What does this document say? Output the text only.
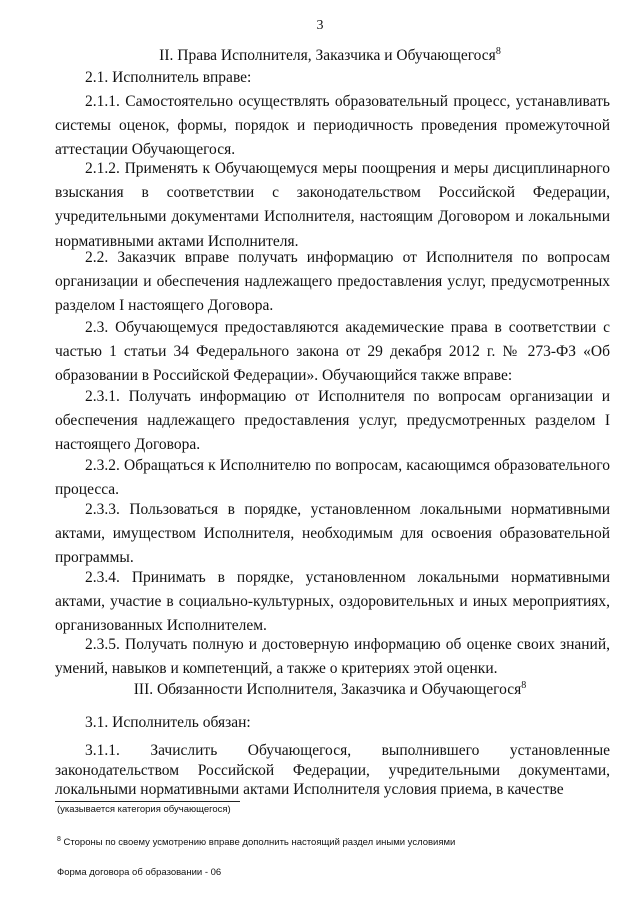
3
II. Права Исполнителя, Заказчика и Обучающегося$^8$
2.1. Исполнитель вправе:
2.1.1. Самостоятельно осуществлять образовательный процесс, устанавливать системы оценок, формы, порядок и периодичность проведения промежуточной аттестации Обучающегося.
2.1.2. Применять к Обучающемуся меры поощрения и меры дисциплинарного взыскания в соответствии с законодательством Российской Федерации, учредительными документами Исполнителя, настоящим Договором и локальными нормативными актами Исполнителя.
2.2. Заказчик вправе получать информацию от Исполнителя по вопросам организации и обеспечения надлежащего предоставления услуг, предусмотренных разделом I настоящего Договора.
2.3. Обучающемуся предоставляются академические права в соответствии с частью 1 статьи 34 Федерального закона от 29 декабря 2012 г. № 273-ФЗ «Об образовании в Российской Федерации». Обучающийся также вправе:
2.3.1. Получать информацию от Исполнителя по вопросам организации и обеспечения надлежащего предоставления услуг, предусмотренных разделом I настоящего Договора.
2.3.2. Обращаться к Исполнителю по вопросам, касающимся образовательного процесса.
2.3.3. Пользоваться в порядке, установленном локальными нормативными актами, имуществом Исполнителя, необходимым для освоения образовательной программы.
2.3.4. Принимать в порядке, установленном локальными нормативными актами, участие в социально-культурных, оздоровительных и иных мероприятиях, организованных Исполнителем.
2.3.5. Получать полную и достоверную информацию об оценке своих знаний, умений, навыков и компетенций, а также о критериях этой оценки.
III. Обязанности Исполнителя, Заказчика и Обучающегося$^8$
3.1. Исполнитель обязан:
3.1.1. Зачислить Обучающегося, выполнившего установленные законодательством Российской Федерации, учредительными документами, локальными нормативными актами Исполнителя условия приема, в качестве
(указывается категория обучающегося)
$^8$ Стороны по своему усмотрению вправе дополнить настоящий раздел иными условиями
Форма договора об образовании - 06
